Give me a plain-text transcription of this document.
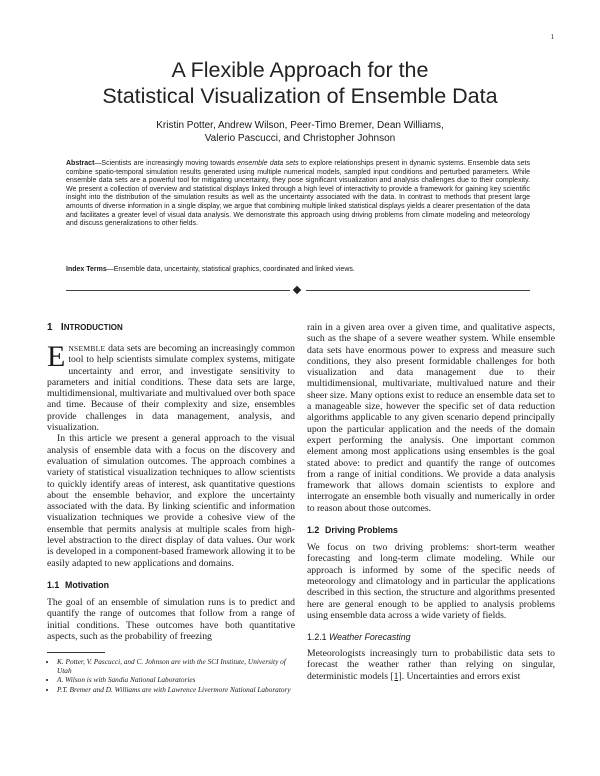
1
A Flexible Approach for the
Statistical Visualization of Ensemble Data
Kristin Potter, Andrew Wilson, Peer-Timo Bremer, Dean Williams,
Valerio Pascucci, and Christopher Johnson
Abstract—Scientists are increasingly moving towards ensemble data sets to explore relationships present in dynamic systems. Ensemble data sets combine spatio-temporal simulation results generated using multiple numerical models, sampled input conditions and perturbed parameters. While ensemble data sets are a powerful tool for mitigating uncertainty, they pose significant visualization and analysis challenges due to their complexity. We present a collection of overview and statistical displays linked through a high level of interactivity to provide a framework for gaining key scientific insight into the distribution of the simulation results as well as the uncertainty associated with the data. In contrast to methods that present large amounts of diverse information in a single display, we argue that combining multiple linked statistical displays yields a clearer presentation of the data and facilitates a greater level of visual data analysis. We demonstrate this approach using driving problems from climate modeling and meteorology and discuss generalizations to other fields.
Index Terms—Ensemble data, uncertainty, statistical graphics, coordinated and linked views.
1 INTRODUCTION

ENSEMBLE data sets are becoming an increasingly common tool to help scientists simulate complex systems, mitigate uncertainty and error, and investigate sensitivity to parameters and initial conditions. These data sets are large, multidimensional, multivariate and multivalued over both space and time. Because of their complexity and size, ensembles provide challenges in data management, analysis, and visualization.

In this article we present a general approach to the visual analysis of ensemble data with a focus on the discovery and evaluation of simulation outcomes. The approach combines a variety of statistical visualization techniques to allow scientists to quickly identify areas of interest, ask quantitative questions about the ensemble behavior, and explore the uncertainty associated with the data. By linking scientific and information visualization techniques we provide a cohesive view of the ensemble that permits analysis at multiple scales from high-level abstraction to the direct display of data values. Our work is developed in a component-based framework allowing it to be easily adapted to new applications and domains.

1.1 Motivation

The goal of an ensemble of simulation runs is to predict and quantify the range of outcomes that follow from a range of initial conditions. These outcomes have both quantitative aspects, such as the probability of freezing

• K. Potter, V. Pascucci, and C. Johnson are with the SCI Institute, University of Utah
• A. Wilson is with Sandia National Laboratories
• P.T. Bremer and D. Williams are with Lawrence Livermore National Laboratory

rain in a given area over a given time, and qualitative aspects, such as the shape of a severe weather system. While ensemble data sets have enormous power to express and measure such conditions, they also present formidable challenges for both visualization and data management due to their multidimensional, multivariate, multivalued nature and their sheer size. Many options exist to reduce an ensemble data set to a manageable size, however the specific set of data reduction algorithms applicable to any given scenario depend principally upon the particular application and the needs of the domain expert performing the analysis. One important common element among most applications using ensembles is the goal stated above: to predict and quantify the range of outcomes from a range of initial conditions. We provide a data analysis framework that allows domain scientists to explore and interrogate an ensemble both visually and numerically in order to reason about those outcomes.

1.2 Driving Problems

We focus on two driving problems: short-term weather forecasting and long-term climate modeling. While our approach is informed by some of the specific needs of meteorology and climatology and in particular the applications described in this section, the structure and algorithms presented here are general enough to be applied to analysis problems using ensemble data across a wide variety of fields.

1.2.1 Weather Forecasting

Meteorologists increasingly turn to probabilistic data sets to forecast the weather rather than relying on singular, deterministic models [1]. Uncertainties and errors exist
